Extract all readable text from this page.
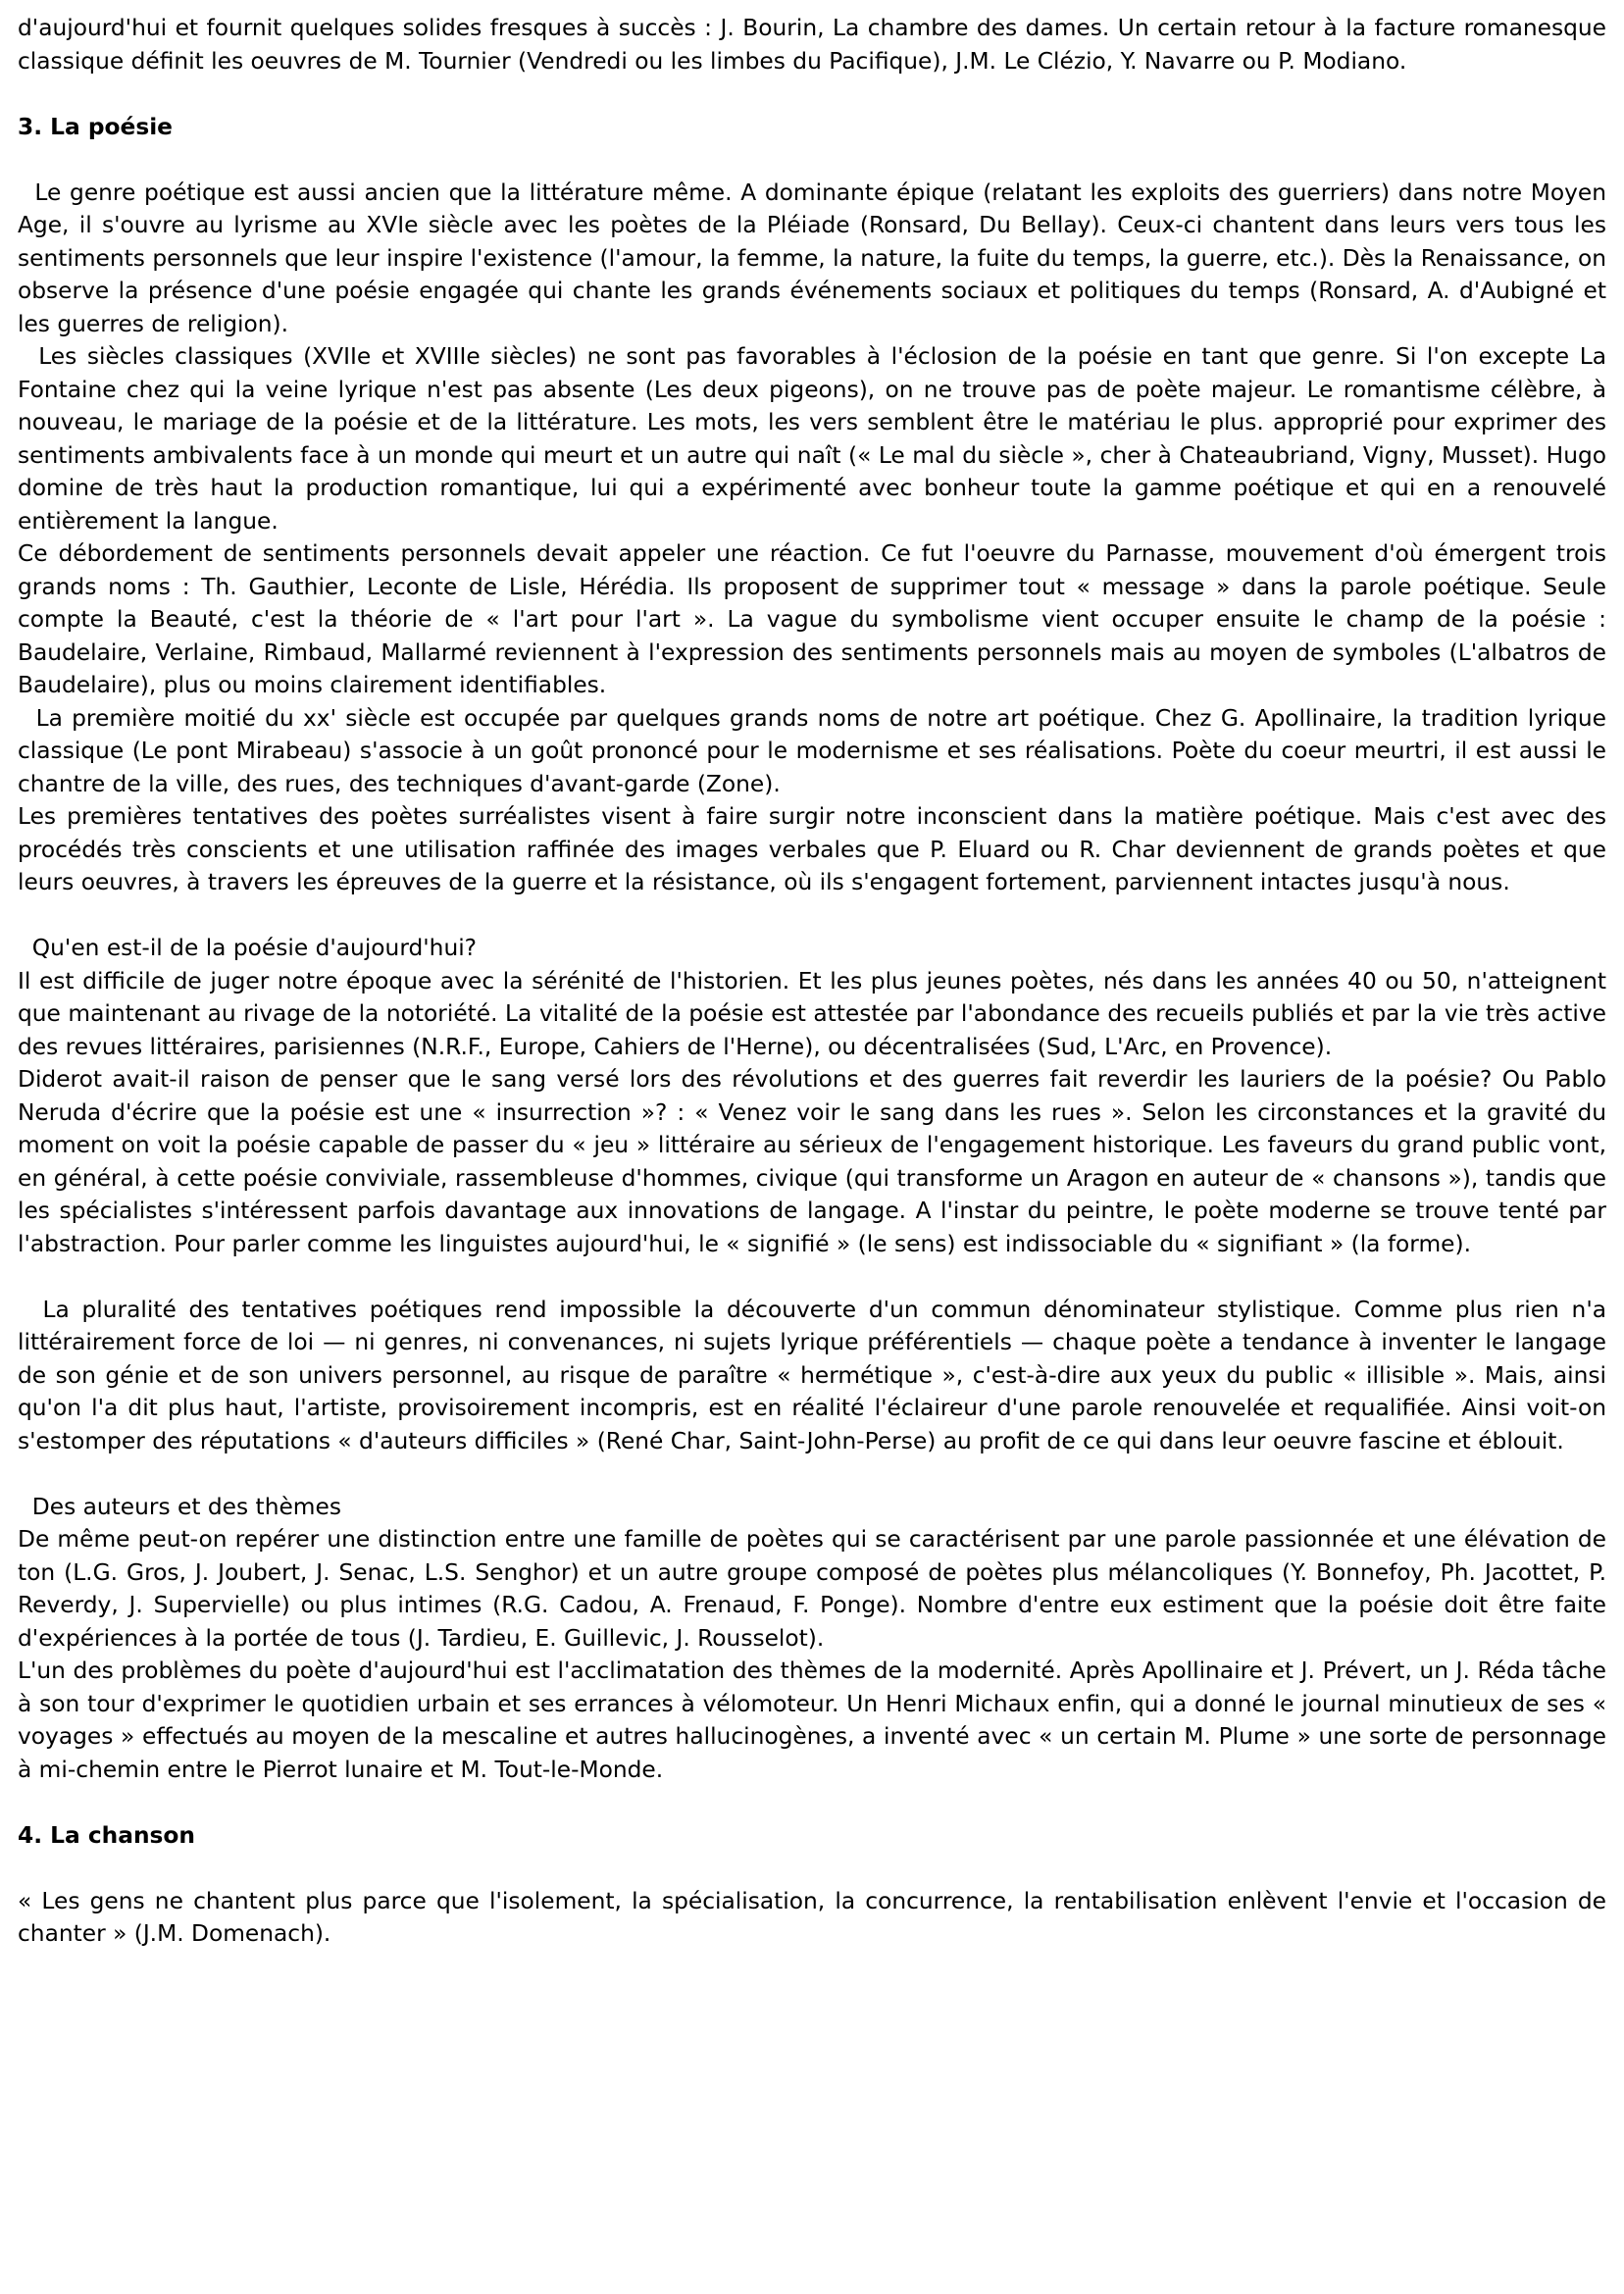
d'aujourd'hui et fournit quelques solides fresques à succès : J. Bourin, La chambre des dames. Un certain retour à la facture romanesque classique définit les oeuvres de M. Tournier (Vendredi ou les limbes du Pacifique), J.M. Le Clézio, Y. Navarre ou P. Modiano.

3. La poésie

Le genre poétique est aussi ancien que la littérature même. A dominante épique (relatant les exploits des guerriers) dans notre Moyen Age, il s'ouvre au lyrisme au XVIe siècle avec les poètes de la Pléiade (Ronsard, Du Bellay). Ceux-ci chantent dans leurs vers tous les sentiments personnels que leur inspire l'existence (l'amour, la femme, la nature, la fuite du temps, la guerre, etc.). Dès la Renaissance, on observe la présence d'une poésie engagée qui chante les grands événements sociaux et politiques du temps (Ronsard, A. d'Aubigné et les guerres de religion).

Les siècles classiques (XVIIe et XVIIIe siècles) ne sont pas favorables à l'éclosion de la poésie en tant que genre. Si l'on excepte La Fontaine chez qui la veine lyrique n'est pas absente (Les deux pigeons), on ne trouve pas de poète majeur. Le romantisme célèbre, à nouveau, le mariage de la poésie et de la littérature. Les mots, les vers semblent être le matériau le plus. approprié pour exprimer des sentiments ambivalents face à un monde qui meurt et un autre qui naît (« Le mal du siècle », cher à Chateaubriand, Vigny, Musset). Hugo domine de très haut la production romantique, lui qui a expérimenté avec bonheur toute la gamme poétique et qui en a renouvelé entièrement la langue.

Ce débordement de sentiments personnels devait appeler une réaction. Ce fut l'oeuvre du Parnasse, mouvement d'où émergent trois grands noms : Th. Gauthier, Leconte de Lisle, Hérédia. Ils proposent de supprimer tout « message » dans la parole poétique. Seule compte la Beauté, c'est la théorie de « l'art pour l'art ». La vague du symbolisme vient occuper ensuite le champ de la poésie : Baudelaire, Verlaine, Rimbaud, Mallarmé reviennent à l'expression des sentiments personnels mais au moyen de symboles (L'albatros de Baudelaire), plus ou moins clairement identifiables.

La première moitié du xx' siècle est occupée par quelques grands noms de notre art poétique. Chez G. Apollinaire, la tradition lyrique classique (Le pont Mirabeau) s'associe à un goût prononcé pour le modernisme et ses réalisations. Poète du coeur meurtri, il est aussi le chantre de la ville, des rues, des techniques d'avant-garde (Zone).

Les premières tentatives des poètes surréalistes visent à faire surgir notre inconscient dans la matière poétique. Mais c'est avec des procédés très conscients et une utilisation raffinée des images verbales que P. Eluard ou R. Char deviennent de grands poètes et que leurs oeuvres, à travers les épreuves de la guerre et la résistance, où ils s'engagent fortement, parviennent intactes jusqu'à nous.

Qu'en est-il de la poésie d'aujourd'hui?

Il est difficile de juger notre époque avec la sérénité de l'historien. Et les plus jeunes poètes, nés dans les années 40 ou 50, n'atteignent que maintenant au rivage de la notoriété. La vitalité de la poésie est attestée par l'abondance des recueils publiés et par la vie très active des revues littéraires, parisiennes (N.R.F., Europe, Cahiers de l'Herne), ou décentralisées (Sud, L'Arc, en Provence).

Diderot avait-il raison de penser que le sang versé lors des révolutions et des guerres fait reverdir les lauriers de la poésie? Ou Pablo Neruda d'écrire que la poésie est une « insurrection »? : « Venez voir le sang dans les rues ». Selon les circonstances et la gravité du moment on voit la poésie capable de passer du « jeu » littéraire au sérieux de l'engagement historique. Les faveurs du grand public vont, en général, à cette poésie conviviale, rassembleuse d'hommes, civique (qui transforme un Aragon en auteur de « chansons »), tandis que les spécialistes s'intéressent parfois davantage aux innovations de langage. A l'instar du peintre, le poète moderne se trouve tenté par l'abstraction. Pour parler comme les linguistes aujourd'hui, le « signifié » (le sens) est indissociable du « signifiant » (la forme).

La pluralité des tentatives poétiques rend impossible la découverte d'un commun dénominateur stylistique. Comme plus rien n'a littérairement force de loi — ni genres, ni convenances, ni sujets lyrique préférentiels — chaque poète a tendance à inventer le langage de son génie et de son univers personnel, au risque de paraître « hermétique », c'est-à-dire aux yeux du public « illisible ». Mais, ainsi qu'on l'a dit plus haut, l'artiste, provisoirement incompris, est en réalité l'éclaireur d'une parole renouvelée et requalifiée. Ainsi voit-on s'estomper des réputations « d'auteurs difficiles » (René Char, Saint-John-Perse) au profit de ce qui dans leur oeuvre fascine et éblouit.

Des auteurs et des thèmes

De même peut-on repérer une distinction entre une famille de poètes qui se caractérisent par une parole passionnée et une élévation de ton (L.G. Gros, J. Joubert, J. Senac, L.S. Senghor) et un autre groupe composé de poètes plus mélancoliques (Y. Bonnefoy, Ph. Jacottet, P. Reverdy, J. Supervielle) ou plus intimes (R.G. Cadou, A. Frenaud, F. Ponge). Nombre d'entre eux estiment que la poésie doit être faite d'expériences à la portée de tous (J. Tardieu, E. Guillevic, J. Rousselot).

L'un des problèmes du poète d'aujourd'hui est l'acclimatation des thèmes de la modernité. Après Apollinaire et J. Prévert, un J. Réda tâche à son tour d'exprimer le quotidien urbain et ses errances à vélomoteur. Un Henri Michaux enfin, qui a donné le journal minutieux de ses « voyages » effectués au moyen de la mescaline et autres hallucinogènes, a inventé avec « un certain M. Plume » une sorte de personnage à mi-chemin entre le Pierrot lunaire et M. Tout-le-Monde.

4. La chanson

« Les gens ne chantent plus parce que l'isolement, la spécialisation, la concurrence, la rentabilisation enlèvent l'envie et l'occasion de chanter » (J.M. Domenach).
